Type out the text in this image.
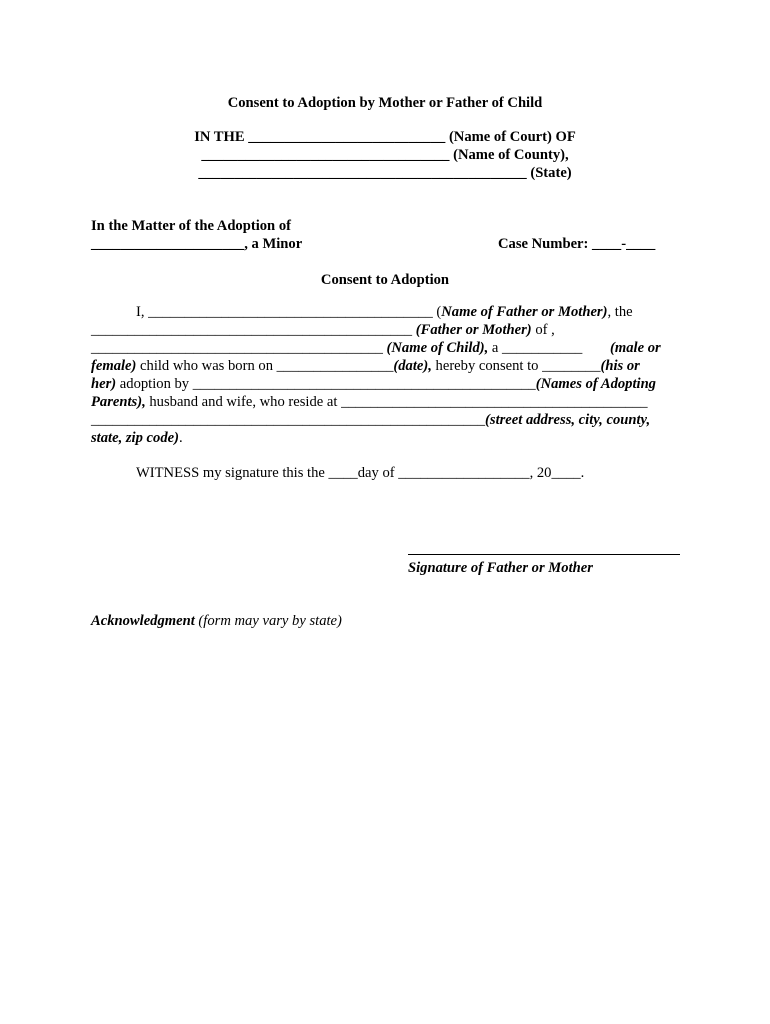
Consent to Adoption by Mother or Father of Child
IN THE ___________________________ (Name of Court) OF
__________________________________ (Name of County),
_____________________________________________ (State)
In the Matter of the Adoption of
_____________________, a Minor	Case Number: ____-____
Consent to Adoption
I, _______________________________________ (Name of Father or Mother), the
____________________________________________ (Father or Mother) of ,
________________________________________ (Name of Child), a ___________ (male or
female) child who was born on ________________(date), hereby consent to ________(his or
her) adoption by _______________________________________________(Names of Adopting
Parents), husband and wife, who reside at __________________________________________
______________________________________________________(street address, city, county,
state, zip code).
WITNESS my signature this the ____day of __________________, 20____.
Signature of Father or Mother
Acknowledgment (form may vary by state)
